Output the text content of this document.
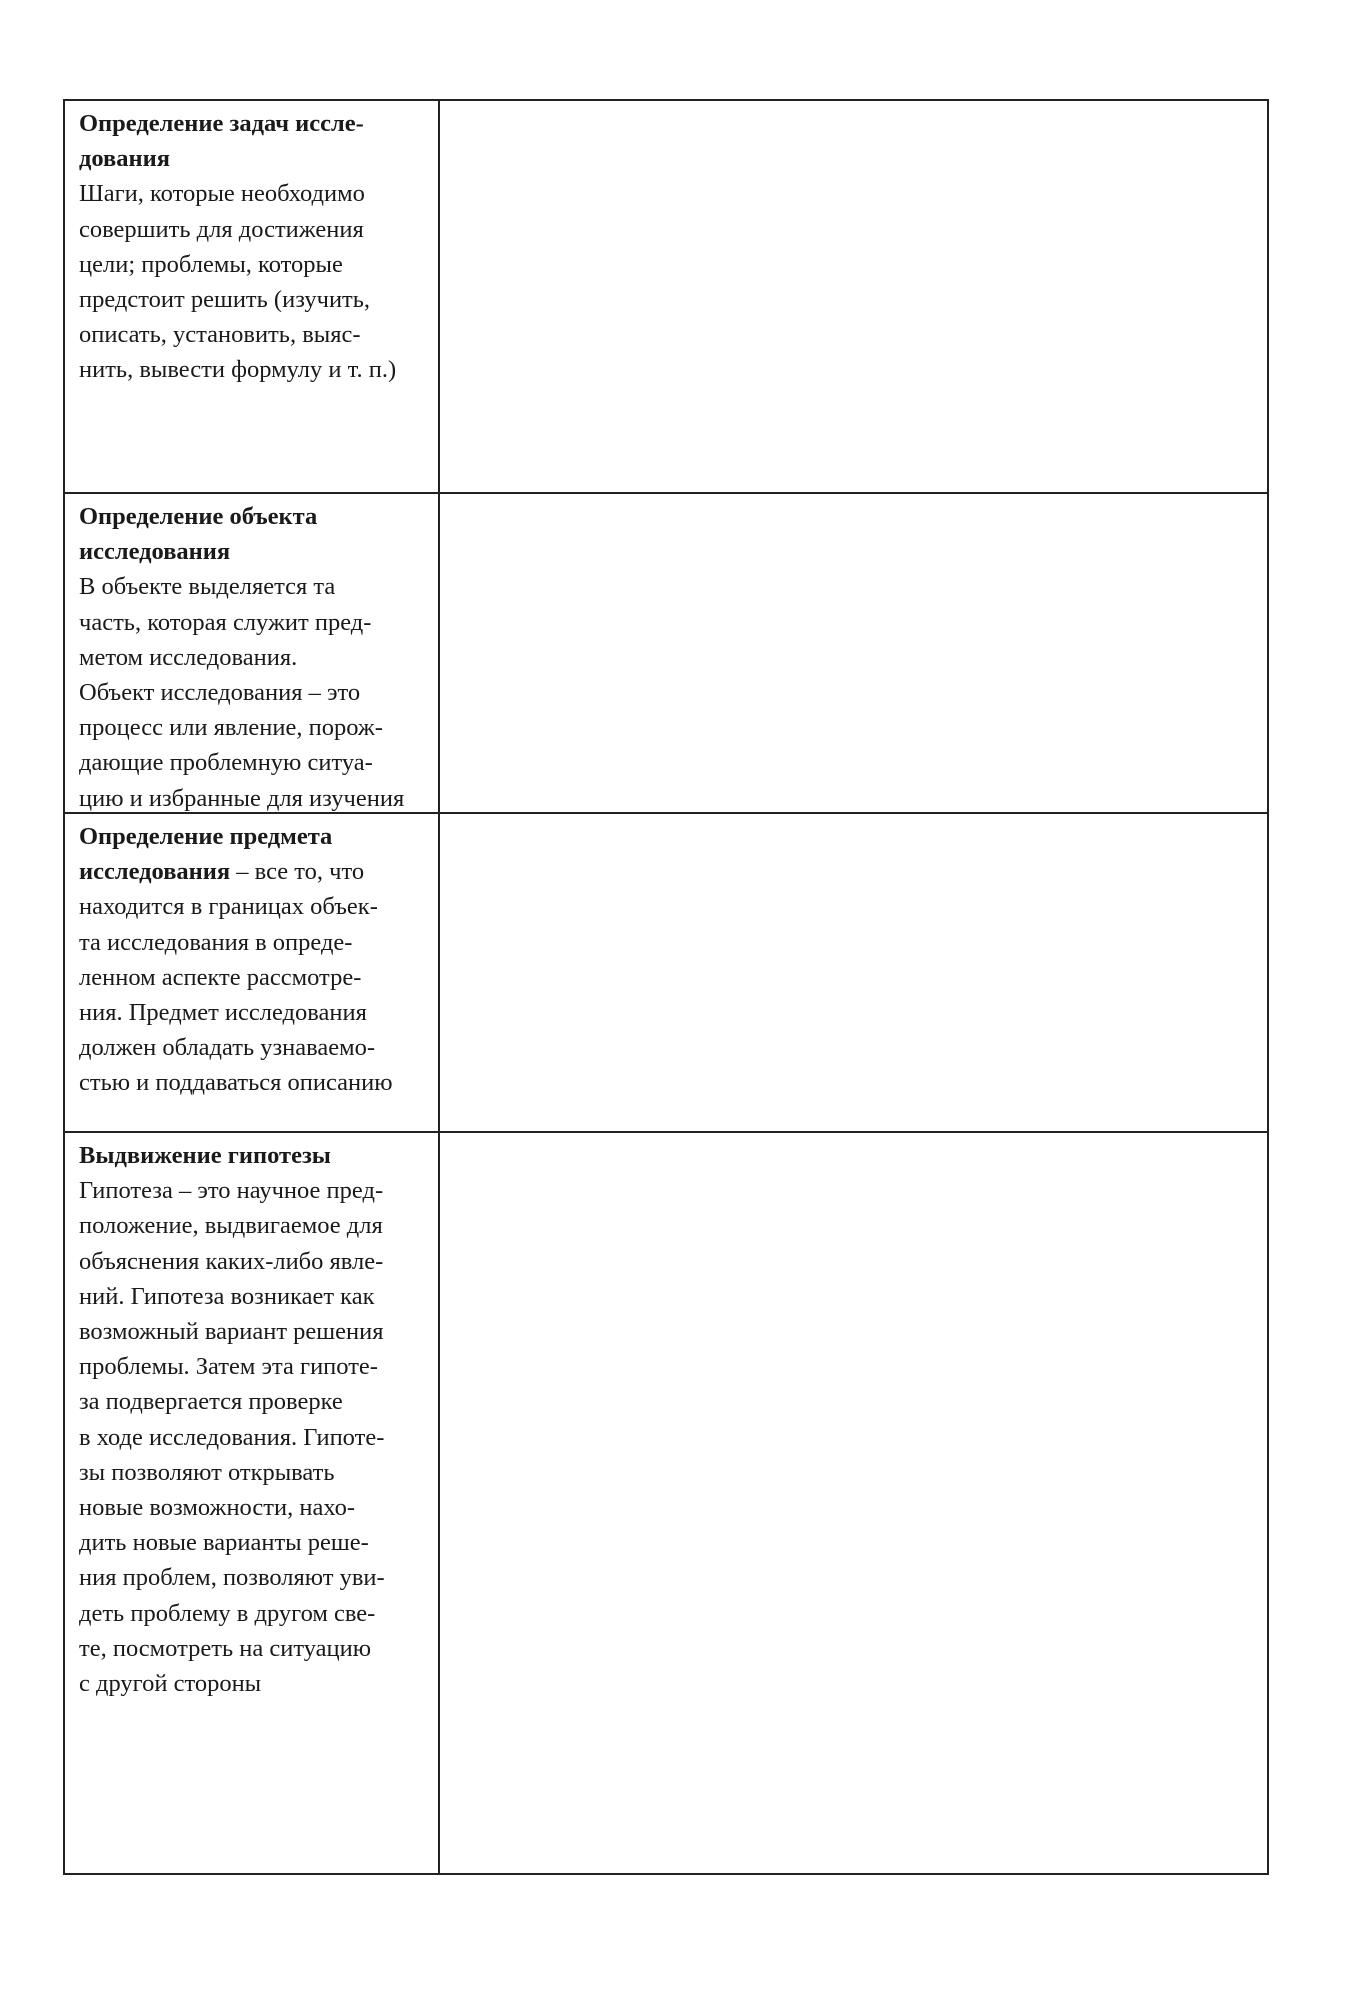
Определение задач иссле-
дования
Шаги, которые необходимо
совершить для достижения
цели; проблемы, которые
предстоит решить (изучить,
описать, установить, выяс-
нить, вывести формулу и т. п.)
Определение объекта
исследования
В объекте выделяется та
часть, которая служит пред-
метом исследования.
Объект исследования – это
процесс или явление, порож-
дающие проблемную ситуа-
цию и избранные для изучения
Определение предмета
исследования – все то, что
находится в границах объек-
та исследования в опреде-
ленном аспекте рассмотре-
ния. Предмет исследования
должен обладать узнаваемо-
стью и поддаваться описанию
Выдвижение гипотезы
Гипотеза – это научное пред-
положение, выдвигаемое для
объяснения каких-либо явле-
ний. Гипотеза возникает как
возможный вариант решения
проблемы. Затем эта гипоте-
за подвергается проверке
в ходе исследования. Гипоте-
зы позволяют открывать
новые возможности, нахо-
дить новые варианты реше-
ния проблем, позволяют уви-
деть проблему в другом све-
те, посмотреть на ситуацию
с другой стороны
